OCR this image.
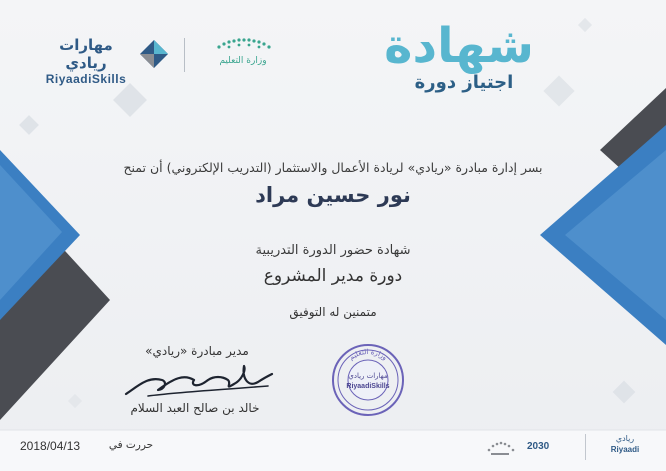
مهارات ريادي
RiyaadiSkills
وزارة التعليم	شهادة
اجتياز دورة
بسر إدارة مبادرة «ريادي» لريادة الأعمال والاستثمار (التدريب الإلكتروني) أن تمنح
نور حسين مراد
شهادة حضور الدورة التدريبية
دورة مدير المشروع
متمنين له التوفيق
مدير مبادرة «ريادي»
خالد بن صالح العبد السلام
وزارة التعليم
مهارات ريادي
RiyaadiSkills
حررت في
2018/04/13	2030
ريادي
Riyaadi
